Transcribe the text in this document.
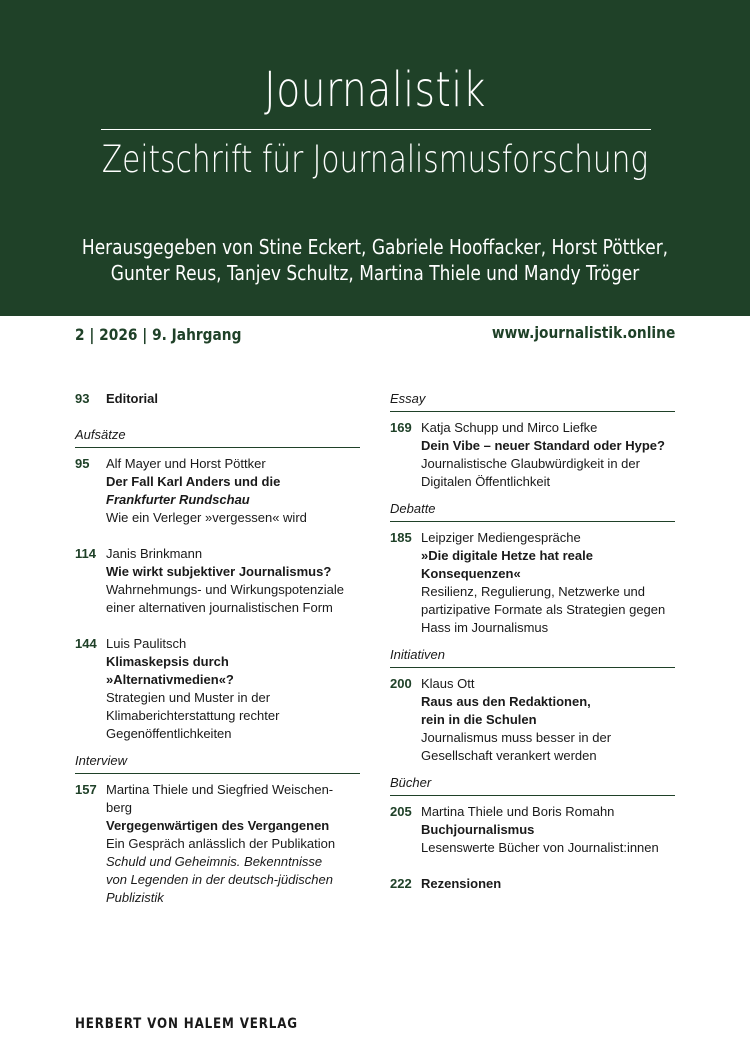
Journalistik
Zeitschrift für Journalismusforschung
Herausgegeben von Stine Eckert, Gabriele Hooffacker, Horst Pöttker,
Gunter Reus, Tanjev Schultz, Martina Thiele und Mandy Tröger
2 | 2026 | 9. Jahrgang	www.journalistik.online
93 Editorial
Aufsätze
95 Alf Mayer und Horst Pöttker
Der Fall Karl Anders und die
Frankfurter Rundschau
Wie ein Verleger »vergessen« wird
114 Janis Brinkmann
Wie wirkt subjektiver Journalismus?
Wahrnehmungs- und Wirkungspotenziale
einer alternativen journalistischen Form
144 Luis Paulitsch
Klimaskepsis durch
»Alternativmedien«?
Strategien und Muster in der
Klimaberichterstattung rechter
Gegenöffentlichkeiten
Interview
157 Martina Thiele und Siegfried Weischen-
berg
Vergegenwärtigen des Vergangenen
Ein Gespräch anlässlich der Publikation
Schuld und Geheimnis. Bekenntnisse
von Legenden in der deutsch-jüdischen
Publizistik
Essay
169 Katja Schupp und Mirco Liefke
Dein Vibe – neuer Standard oder Hype?
Journalistische Glaubwürdigkeit in der
Digitalen Öffentlichkeit
Debatte
185 Leipziger Mediengespräche
»Die digitale Hetze hat reale
Konsequenzen«
Resilienz, Regulierung, Netzwerke und
partizipative Formate als Strategien gegen
Hass im Journalismus
Initiativen
200 Klaus Ott
Raus aus den Redaktionen,
rein in die Schulen
Journalismus muss besser in der
Gesellschaft verankert werden
Bücher
205 Martina Thiele und Boris Romahn
Buchjournalismus
Lesenswerte Bücher von Journalist:innen
222 Rezensionen
HERBERT VON HALEM VERLAG
